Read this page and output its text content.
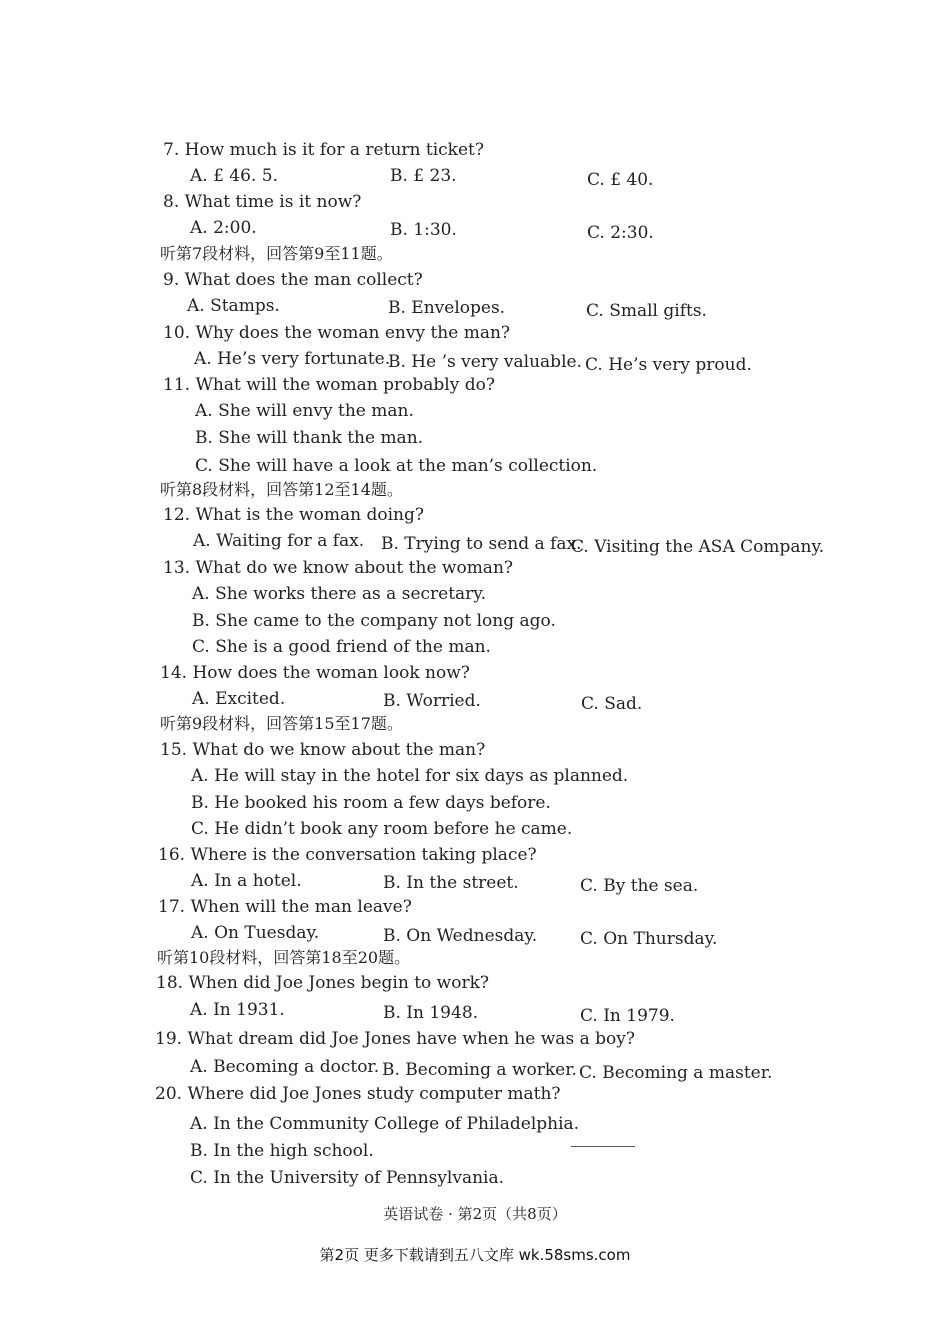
7. How much is it for a return ticket?
A. £ 46. 5.	B. £ 23.	C. £ 40.
8. What time is it now?
A. 2:00.	B. 1:30.	C. 2:30.
听第7段材料，回答第9至11题。
9. What does the man collect?
A. Stamps.	B. Envelopes.	C. Small gifts.
10. Why does the woman envy the man?
A. He’s very fortunate.
B. He ’s very valuable. C. He’s very proud.
11. What will the woman probably do?
A. She will envy the man.
B. She will thank the man.
C. She will have a look at the man’s collection.
听第8段材料，回答第12至14题。
12. What is the woman doing?
A. Waiting for a fax. B. Trying to send a fax.
C. Visiting the ASA Company.
13. What do we know about the woman?
A. She works there as a secretary.
B. She came to the company not long ago.
C. She is a good friend of the man.
14. How does the woman look now?
A. Excited.	B. Worried.	C. Sad.
听第9段材料，回答第15至17题。
15. What do we know about the man?
A. He will stay in the hotel for six days as planned.
B. He booked his room a few days before.
C. He didn’t book any room before he came.
16. Where is the conversation taking place?
A. In a hotel.	B. In the street.	C. By the sea.
17. When will the man leave?
A. On Tuesday.	B. On Wednesday.	C. On Thursday.
听第10段材料，回答第18至20题。
18. When did Joe Jones begin to work?
A. In 1931.	B. In 1948.	C. In 1979.
19. What dream did Joe Jones have when he was a boy?
A. Becoming a doctor. B. Becoming a worker. C. Becoming a master.
20. Where did Joe Jones study computer math?
A. In the Community College of Philadelphia.
B. In the high school.
C. In the University of Pennsylvania.
英语试卷 · 第2页（共8页）
第2页 更多下载请到五八文库 wk.58sms.com
